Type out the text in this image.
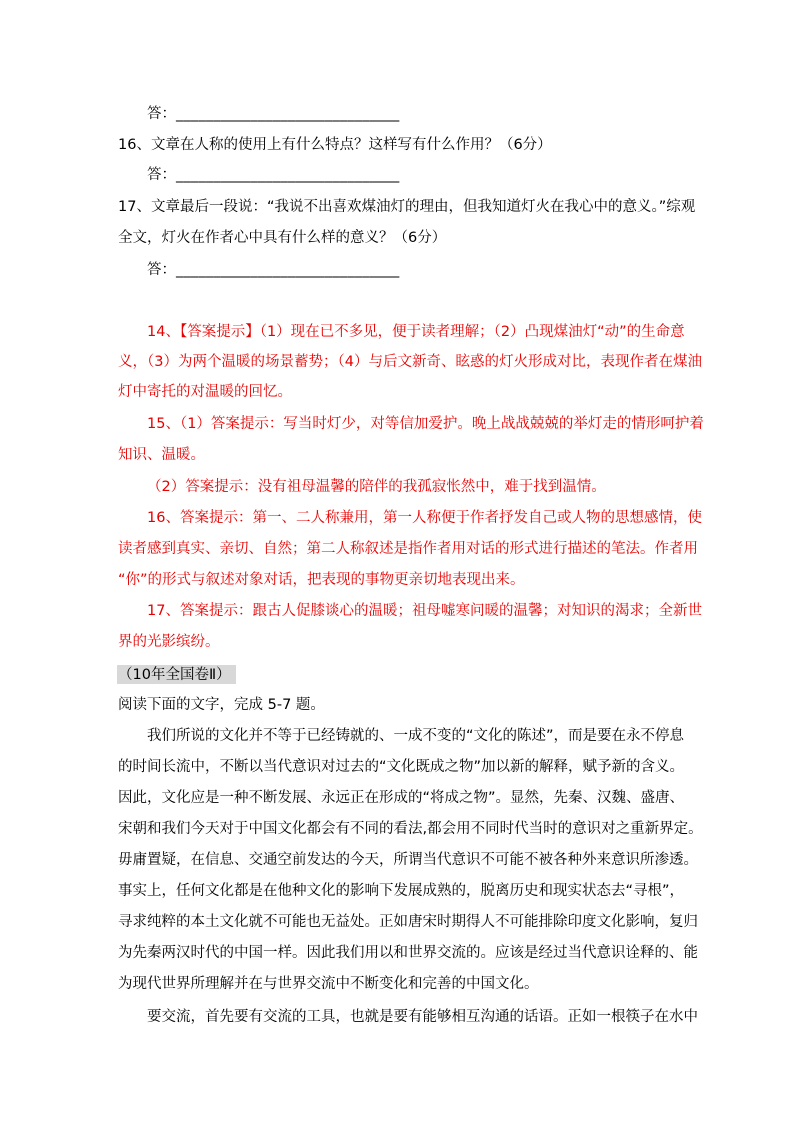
答：______________________________
16、文章在人称的使用上有什么特点？这样写有什么作用？（6分）
答：______________________________
17、文章最后一段说：“我说不出喜欢煤油灯的理由，但我知道灯火在我心中的意义。”综观
全文，灯火在作者心中具有什么样的意义？（6分）
答：______________________________
14、【答案提示】（1）现在已不多见，便于读者理解；（2）凸现煤油灯“动”的生命意
义，（3）为两个温暖的场景蓄势；（4）与后文新奇、眩惑的灯火形成对比，表现作者在煤油
灯中寄托的对温暖的回忆。
15、（1）答案提示：写当时灯少，对等信加爱护。晚上战战兢兢的举灯走的情形呵护着
知识、温暖。
（2）答案提示：没有祖母温馨的陪伴的我孤寂怅然中，难于找到温情。
16、答案提示：第一、二人称兼用，第一人称便于作者抒发自己或人物的思想感情，使
读者感到真实、亲切、自然；第二人称叙述是指作者用对话的形式进行描述的笔法。作者用
“你”的形式与叙述对象对话，把表现的事物更亲切地表现出来。
17、答案提示：跟古人促膝谈心的温暖；祖母嘘寒问暖的温馨；对知识的渴求；全新世
界的光影缤纷。
（10年全国卷Ⅱ）
阅读下面的文字，完成 5-7 题。
我们所说的文化并不等于已经铸就的、一成不变的“文化的陈述”，而是要在永不停息
的时间长流中，不断以当代意识对过去的“文化既成之物”加以新的解释，赋予新的含义。
因此，文化应是一种不断发展、永远正在形成的“将成之物”。显然，先秦、汉魏、盛唐、
宋朝和我们今天对于中国文化都会有不同的看法,都会用不同时代当时的意识对之重新界定。
毋庸置疑，在信息、交通空前发达的今天，所谓当代意识不可能不被各种外来意识所渗透。
事实上，任何文化都是在他种文化的影响下发展成熟的，脱离历史和现实状态去“寻根”，
寻求纯粹的本土文化就不可能也无益处。正如唐宋时期得人不可能排除印度文化影响，复归
为先秦两汉时代的中国一样。因此我们用以和世界交流的。应该是经过当代意识诠释的、能
为现代世界所理解并在与世界交流中不断变化和完善的中国文化。
要交流，首先要有交流的工具，也就是要有能够相互沟通的话语。正如一根筷子在水中
